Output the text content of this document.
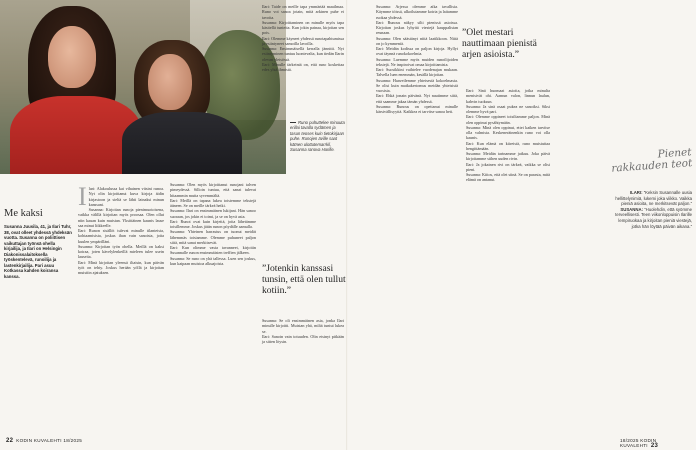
Runo puhuttelee minuuta erillai tavalla sydämen ja tasun teoses kuin tietokirjaan puhe. Runojen äville saat kätnen ulottutemarrkil, Susanna ranova Harille.
Me kaksi
Susanna Juusila, 41, ja Ilari Tuhr, 38, ovat olleet yhdessä yhdeksän vuotta. Susanna on poliittisen vaikuttajan työnsä ohella kirjailija, ja Ilari on Helsingin Diakonissalaitoksella työskentelevä, runoilija ja lastenkirjailija. Pari asuu Kotkassa kahden koiransa kanssa.
I lari: Alakoulussa kai vihainen vitsini runoa. Nyt olin kirjoittanut kuva kirjoja äidin kirjastoon ja sieltä se lähti lainaksi minun kanssani.

Susanna: Kirjoitan runoja pienimuotoisena, vaikka välillä kirjoitan myös proosaa. Olen ollut niin kauan kuin muistan. Yksittäinen kaunis lause saa minut liikkeelle.

Ilari: Runon sisällöt tulevat minulle tilanteista, kohtaamisista, joskus ihan vain sanoista, joita kuulen ympärilläni.

Susanna: Kirjoitan työn ohella. Meillä on kaksi koiraa, joten kävelylenkeillä mieleen tulee usein lauseita.

Ilari: Minä kirjoitan yleensä iltaisin, kun päivän työt on tehty. Joskus herään yöllä ja kirjoitan muistiin ajatuksen.

Susanna: Olen myös kirjoittanut runojani talven pimeydessä. Silloin tuntuu, että sanat tulevat hitaammin mutta syvemmältä.

Ilari: Meillä on tapana lukea toistemme tekstejä ääneen. Se on meille tärkeä hetki.

Susanna: Ilari on ensimmäinen lukijani. Hän sanoo suoraan, jos jokin ei toimi, ja se on hyvä asia.

Ilari: Runot ovat kuin kirjeitä, joita lähetämme toisillemme. Joskus jätän runon pöydälle aamulla.

Susanna: Yhteinen harrastus on tuonut meidät lähemmäs toisiamme. Olemme puhuneet paljon siitä, mitä sanat merkitsevät.

Ilari: Kun olimme vasta tavanneet, kirjoitin Susannalle runon ensimmäisten treffien jälkeen.

Susanna: Se runo on yhä tallessa. Luen sen joskus, kun kaipaan muistoa alkuajoista.

Ilari: Taide on meille tapa ymmärtää maailmaa. Runo voi sanoa jotain, mitä arkinen puhe ei tavoita.

Susanna: Kirjoittaminen on minulle myös tapa käsitellä tunteita. Kun jokin painaa, kirjoitan sen pois.

Ilari: Olemme käyneet yhdessä runotapahtumissa ja esiintyneet samoilla lavoilla.

Susanna: Ensimmäisellä kerralla jännitti. Nyt esiintyminen tuntuu luontevalta, kun tiedän Ilarin olevan yleisössä.

Ilari: Minulle tärkeintä on, että runo koskettaa edes yhtä ihmistä.

”Jotenkin kanssasi tunsin, että olen tullut kotiin.”

Susanna: Se oli ensimmäinen asia, jonka Ilari minulle kirjoitti. Muistan yhä, miltä tuntui lukea se.

Ilari: Sanoin vain totuuden. Olin etsinyt pitkään ja sitten löysin.

22 KODIN KUVALEHTI 18/2025

Susanna: Arjessa olemme aika tavallisia. Käymme töissä, ulkoilutamme koiria ja laitamme ruokaa yhdessä.

Ilari: Runous näkyy silti pienissä asioissa. Kirjoitan joskus lyhyitä viestejä kauppalistan reunaan.

Susanna: Olen säästänyt niitä laatikkoon. Niitä on jo kymmeniä.

Ilari: Meidän kodissa on paljon kirjoja. Hyllyt ovat täynnä runokokoelmia.

Susanna: Luemme myös muiden runoilijoiden tekstejä. Ne inspiroivat omaa kirjoittamista.

Ilari: Suosikkini vaihtelee vuodenajan mukaan. Talvella luen enemmän, kesällä kirjoitan.

Susanna: Haaveilemme yhteisestä kokoelmasta. Se olisi kuin matkakertomus meidän yhteisistä vuosista.

Ilari: Ehkä jonain päivänä. Nyt nautimme siitä, että saamme jakaa tämän yhdessä.

Susanna: Runous on opettanut minulle kärsivällisyyttä. Kaikkea ei tarvitse sanoa heti.

”Olet mestari nauttimaan pienistä arjen asioista.”

Ilari: Sinä huomaat asioita, jotka minulta menisivät ohi. Aamun valon, linnun laulun, kahvin tuoksun.

Susanna: Ja sinä osaat pukea ne sanoiksi. Siksi olemme hyvä pari.

Ilari: Olemme oppineet toisiltamme paljon. Minä olen oppinut pysähtymään.

Susanna: Minä olen oppinut, ettei kaiken tarvitse olla valmista. Keskeneräinenkin runo voi olla kaunis.

Ilari: Kun elämä on kiireistä, runo muistuttaa hengittämään.

Susanna: Meidän tarinamme jatkuu. Joka päivä kirjoitamme siihen uuden rivin.

Ilari: Ja jokainen rivi on tärkeä, vaikka se olisi pieni.

Susanna: Kiitos, että olet siinä. Se on parasta, mitä elämä on antanut.

Pienet rakkauden teot
ILARI: ”Keksin Susannalle uusia hellittelynimiä, lukemi joka viikko. Vaikka pieniä asioita, ne merkitsevät paljon.”
SUSANNA: ”Huolehdin, että syömme terveellisesti. Teen viikonloppuisin Ilarille lempiruokaa ja kirjoitan pieniä viestejä, jotka hän löytää päivän aikana.”
18/2025 KODIN KUVALEHTI 23
